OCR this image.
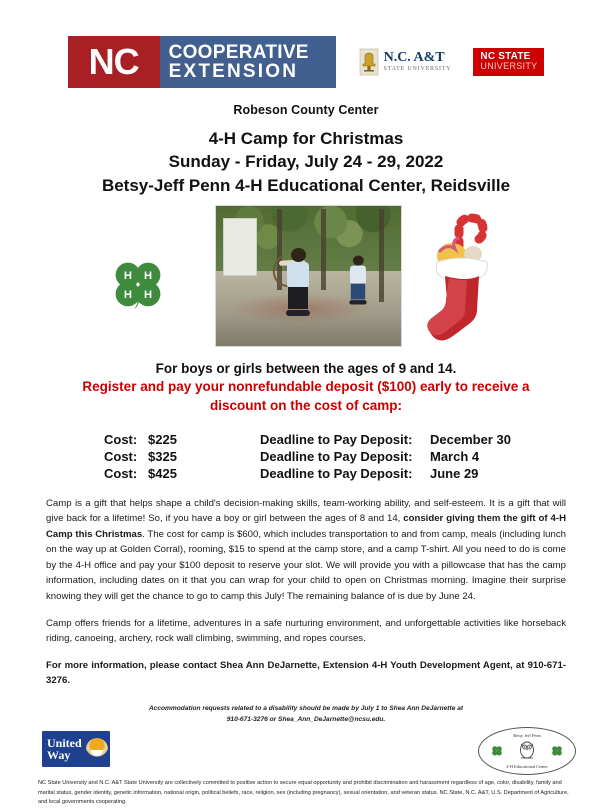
NC COOPERATIVE
EXTENSION
N.C. A&T
STATE UNIVERSITY
NC STATE
UNIVERSITY
Robeson County Center
4-H Camp for Christmas
Sunday - Friday, July 24 - 29, 2022
Betsy-Jeff Penn 4-H Educational Center, Reidsville
H H
H H
For boys or girls between the ages of 9 and 14.
Register and pay your nonrefundable deposit ($100) early to receive a
discount on the cost of camp:
Cost:	$225	Deadline to Pay Deposit:	December 30
Cost:	$325	Deadline to Pay Deposit:	March 4
Cost:	$425	Deadline to Pay Deposit:	June 29

Camp is a gift that helps shape a child's decision-making skills, team-working ability, and self-esteem. It is a gift that will give back for a lifetime! So, if you have a boy or girl between the ages of 8 and 14, consider giving them the gift of 4-H Camp this Christmas. The cost for camp is $600, which includes transportation to and from camp, meals (including lunch on the way up at Golden Corral), rooming, $15 to spend at the camp store, and a camp T-shirt. All you need to do is come by the 4-H office and pay your $100 deposit to reserve your slot. We will provide you with a pillowcase that has the camp information, including dates on it that you can wrap for your child to open on Christmas morning. Imagine their surprise knowing they will get the chance to go to camp this July! The remaining balance of is due by June 24.

Camp offers friends for a lifetime, adventures in a safe nurturing environment, and unforgettable activities like horseback riding, canoeing, archery, rock wall climbing, swimming, and ropes courses.

For more information, please contact Shea Ann DeJarnette, Extension 4-H Youth Development Agent, at 910-671-3276.

Accommodation requests related to a disability should be made by July 1 to Shea Ann DeJarnette at
910-671-3276 or Shea_Ann_DeJarnette@ncsu.edu.
United
Way
Betsy Jeff Penn
4-H Educational Center
NC State University and N.C. A&T State University are collectively committed to positive action to secure equal opportunity and prohibit discrimination and harassment regardless of age, color, disability, family and marital status, gender identity, genetic information, national origin, political beliefs, race, religion, sex (including pregnancy), sexual orientation, and veteran status. NC State, N.C. A&T, U.S. Department of Agriculture, and local governments cooperating.
